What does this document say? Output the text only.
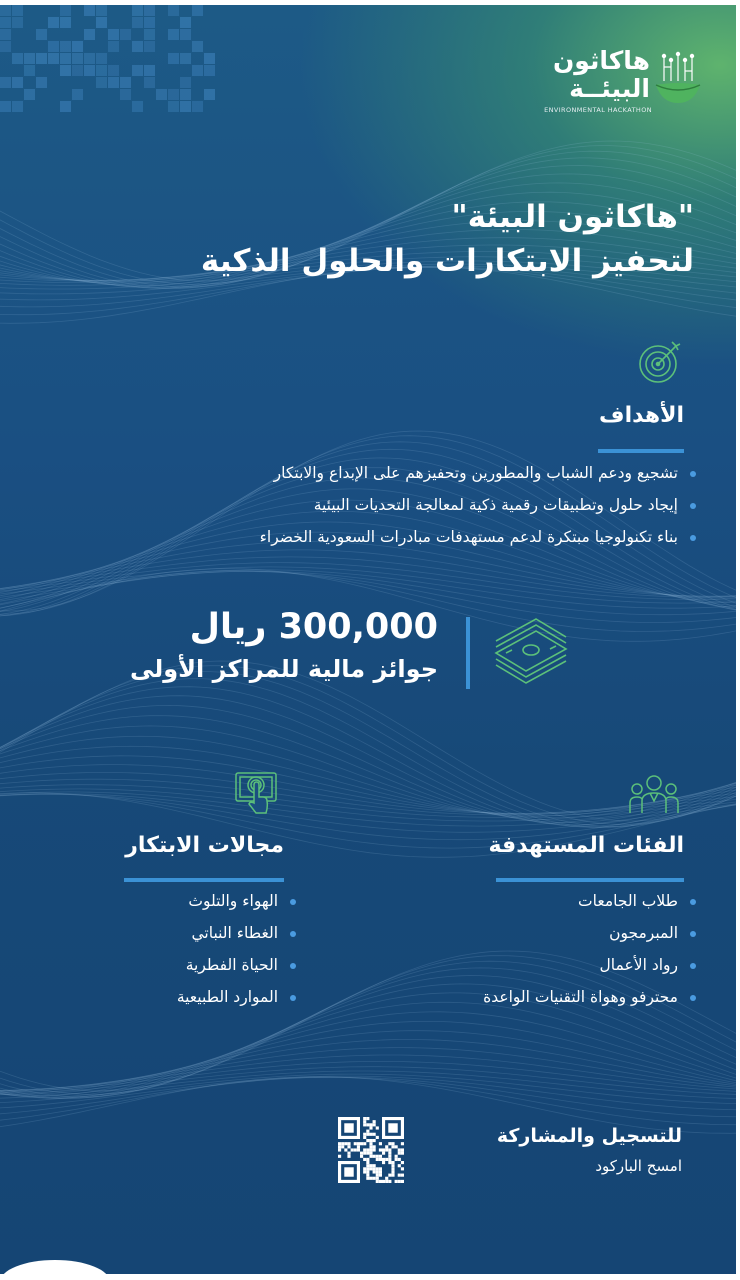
هاكاثون
البيئــة
ENVIRONMENTAL HACKATHON
"هاكاثون البيئة"
لتحفيز الابتكارات والحلول الذكية
الأهداف
تشجيع ودعم الشباب والمطورين وتحفيزهم على الإبداع والابتكار
إيجاد حلول وتطبيقات رقمية ذكية لمعالجة التحديات البيئية
بناء تكنولوجيا مبتكرة لدعم مستهدفات مبادرات السعودية الخضراء
300,000 ريال
جوائز مالية للمراكز الأولى
الفئات المستهدفة
طلاب الجامعات
المبرمجون
رواد الأعمال
محترفو وهواة التقنيات الواعدة
مجالات الابتكار
الهواء والتلوث
الغطاء النباتي
الحياة الفطرية
الموارد الطبيعية
للتسجيل والمشاركة
امسح الباركود
